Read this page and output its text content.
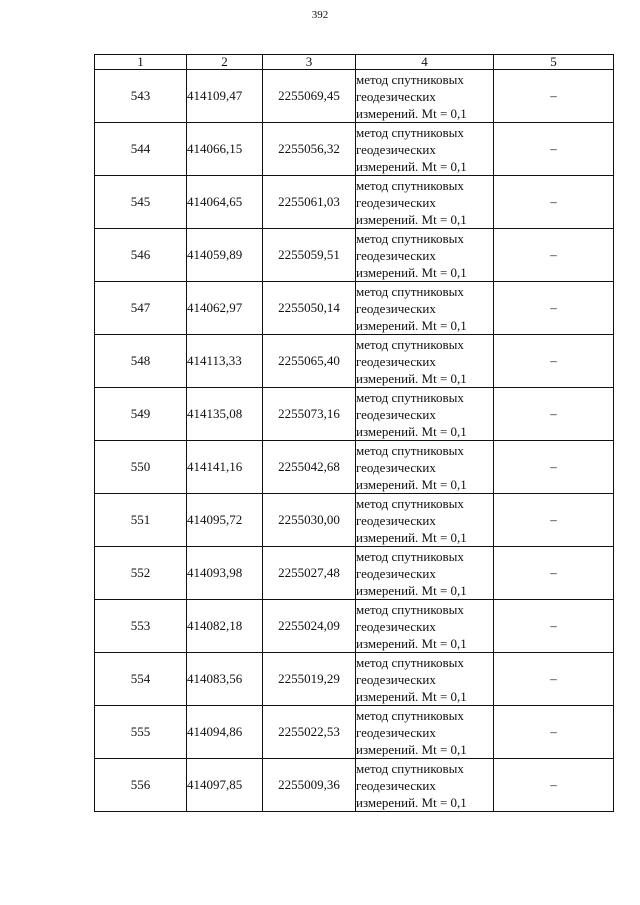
392
1	2	3	4	5
543	414109,47	2255069,45	метод спутниковых
геодезических
измерений. Mt = 0,1	–
544	414066,15	2255056,32	метод спутниковых
геодезических
измерений. Mt = 0,1	–
545	414064,65	2255061,03	метод спутниковых
геодезических
измерений. Mt = 0,1	–
546	414059,89	2255059,51	метод спутниковых
геодезических
измерений. Mt = 0,1	–
547	414062,97	2255050,14	метод спутниковых
геодезических
измерений. Mt = 0,1	–
548	414113,33	2255065,40	метод спутниковых
геодезических
измерений. Mt = 0,1	–
549	414135,08	2255073,16	метод спутниковых
геодезических
измерений. Mt = 0,1	–
550	414141,16	2255042,68	метод спутниковых
геодезических
измерений. Mt = 0,1	–
551	414095,72	2255030,00	метод спутниковых
геодезических
измерений. Mt = 0,1	–
552	414093,98	2255027,48	метод спутниковых
геодезических
измерений. Mt = 0,1	–
553	414082,18	2255024,09	метод спутниковых
геодезических
измерений. Mt = 0,1	–
554	414083,56	2255019,29	метод спутниковых
геодезических
измерений. Mt = 0,1	–
555	414094,86	2255022,53	метод спутниковых
геодезических
измерений. Mt = 0,1	–
556	414097,85	2255009,36	метод спутниковых
геодезических
измерений. Mt = 0,1	–
